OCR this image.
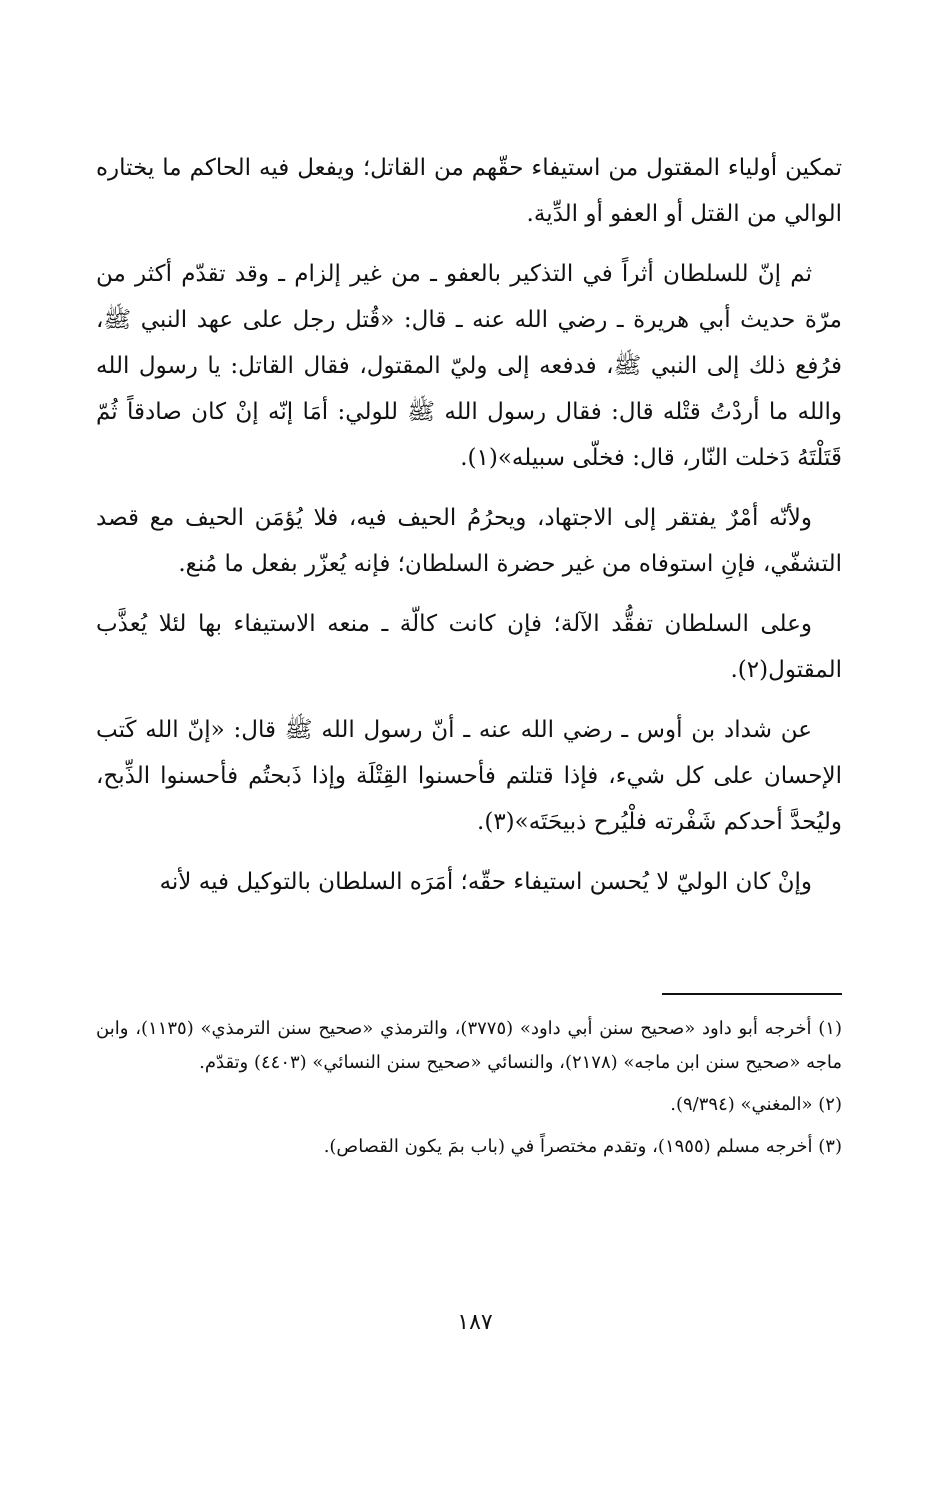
تمكين أولياء المقتول من استيفاء حقّهم من القاتل؛ ويفعل فيه الحاكم ما يختاره الوالي من القتل أو العفو أو الدِّية.

ثم إنّ للسلطان أثراً في التذكير بالعفو ـ من غير إلزام ـ وقد تقدّم أكثر من مرّة حديث أبي هريرة ـ رضي الله عنه ـ قال: «قُتل رجل على عهد النبي ﷺ، فرُفع ذلك إلى النبي ﷺ، فدفعه إلى وليّ المقتول، فقال القاتل: يا رسول الله والله ما أردْتُ قتْله قال: فقال رسول الله ﷺ للولي: أمَا إنّه إنْ كان صادقاً ثُمّ قَتَلْتَهُ دَخلت النّار، قال: فخلّى سبيله»(١).

ولأنّه أمْرٌ يفتقر إلى الاجتهاد، ويحرُمُ الحيف فيه، فلا يُؤمَن الحيف مع قصد التشفّي، فإنِ استوفاه من غير حضرة السلطان؛ فإنه يُعزّر بفعل ما مُنع.

وعلى السلطان تفقُّد الآلة؛ فإن كانت كالّة ـ منعه الاستيفاء بها لئلا يُعذَّب المقتول(٢).

عن شداد بن أوس ـ رضي الله عنه ـ أنّ رسول الله ﷺ قال: «إنّ الله كَتب الإحسان على كل شيء، فإذا قتلتم فأحسنوا القِتْلَة وإذا ذَبحتُم فأحسنوا الذِّبح، وليُحدَّ أحدكم شَفْرته فلْيُرح ذبيحَتَه»(٣).

وإنْ كان الوليّ لا يُحسن استيفاء حقّه؛ أمَرَه السلطان بالتوكيل فيه لأنه

(١) أخرجه أبو داود «صحيح سنن أبي داود» (٣٧٧٥)، والترمذي «صحيح سنن الترمذي» (١١٣٥)، وابن ماجه «صحيح سنن ابن ماجه» (٢١٧٨)، والنسائي «صحيح سنن النسائي» (٤٤٠٣) وتقدّم.

(٢) «المغني» (٩/٣٩٤).

(٣) أخرجه مسلم (١٩٥٥)، وتقدم مختصراً في (باب بمَ يكون القصاص).

١٨٧
